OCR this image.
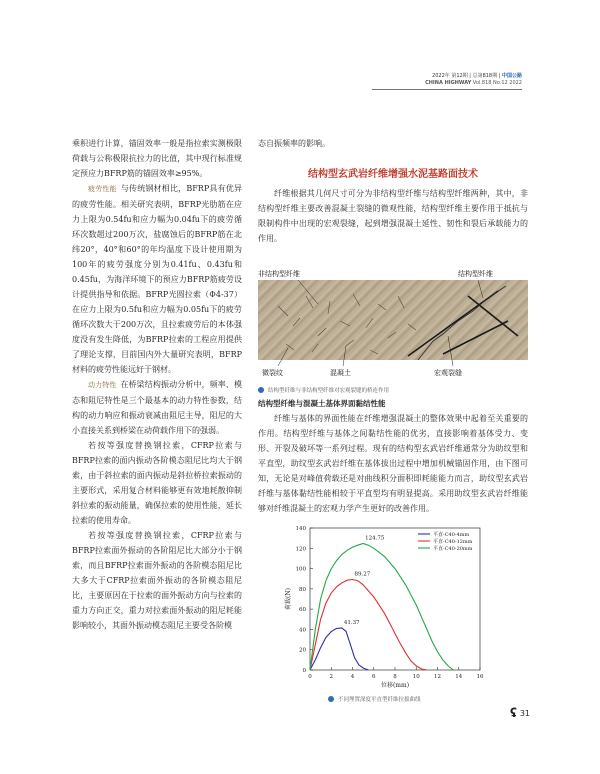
2022年 第12期 | 总第818期 | 中国公路
CHINA HIGHWAY Vol.818 No.12 2022

乘积进行计算，锚固效率一般是指拉索实测极限荷载与公称极限抗拉力的比值，其中现行标准规定预应力BFRP筋的锚固效率≥95%。

疲劳性能 与传统钢材相比，BFRP具有优异的疲劳性能。相关研究表明，BFRP光肋筋在应力上限为0.54fu和应力幅为0.04fu下的疲劳循环次数超过200万次，盐腐蚀后的BFRP筋在北纬20°，40°和60°的年均温度下设计使用期为100年的疲劳强度分别为0.41fu、0.43fu和0.45fu，为海洋环境下的预应力BFRP筋疲劳设计提供指导和依据。BFRP光圆拉索（Φ4-37）在应力上限为0.5fu和应力幅为0.05fu下的疲劳循环次数大于200万次，且拉索疲劳后的本体强度没有发生降低，为BFRP拉索的工程应用提供了理论支撑，目前国内外大量研究表明，BFRP材料的疲劳性能远好于钢材。

动力特性 在桥梁结构振动分析中，频率、模态和阻尼特性是三个最基本的动力特性参数，结构的动力响应和振动衰减由阻尼主导，阻尼的大小直接关系到桥梁在动荷载作用下的强弱。

若按等强度替换钢拉索，CFRP拉索与BFRP拉索的面内振动各阶模态阻尼比均大于钢索，由于斜拉索的面内振动是斜拉桥拉索振动的主要形式，采用复合材料能够更有效地耗散抑制斜拉索的振动能量，确保拉索的使用性能，延长拉索的使用寿命。

若按等强度替换钢拉索，CFRP拉索与BFRP拉索面外振动的各阶阻尼比大部分小于钢索，而且BFRP拉索面外振动的各阶模态阻尼比大多大于CFRP拉索面外振动的各阶模态阻尼比，主要原因在于拉索的面外振动方向与拉索的重力方向正交，重力对拉索面外振动的阻尼耗能影响较小，其面外振动模态阻尼主要受各阶模

态自振频率的影响。

结构型玄武岩纤维增强水泥基路面技术

纤维根据其几何尺寸可分为非结构型纤维与结构型纤维两种，其中，非结构型纤维主要改善混凝土裂缝的微观性能，结构型纤维主要作用于抵抗与限制构件中出现的宏观裂缝，起到增强混凝土延性、韧性和裂后承载能力的作用。

非结构型纤维	结构型纤维
微裂纹	混凝土	宏观裂缝
结构型纤维与非结构型纤维对宏观裂缝的桥连作用
结构型纤维与混凝土基体界面黏结性能

纤维与基体的界面性能在纤维增强混凝土的整体效果中起着至关重要的作用。结构型纤维与基体之间黏结性能的优劣，直接影响着基体受力、变形、开裂及破坏等一系列过程。现有的结构型玄武岩纤维通常分为助纹型和平直型，助纹型玄武岩纤维在基体拔出过程中增加机械锚固作用，由下图可知，无论是对峰值荷载还是对曲线积分面积即耗能能力而言，助纹型玄武岩纤维与基体黏结性能相较于平直型均有明显提高。采用助纹型玄武岩纤维能够对纤维混凝土的宏观力学产生更好的改善作用。

0
20
40
60
80
100
120
140
0	2	4	6	8	10	12	14	16
位移(mm)
荷载(N)
41.37
平直-C40-4mm
89.27
平直-C40-12mm
124.75
平直-C40-20mm
不同埋置深度平直型纤维拉拔曲线
ʢ 31
